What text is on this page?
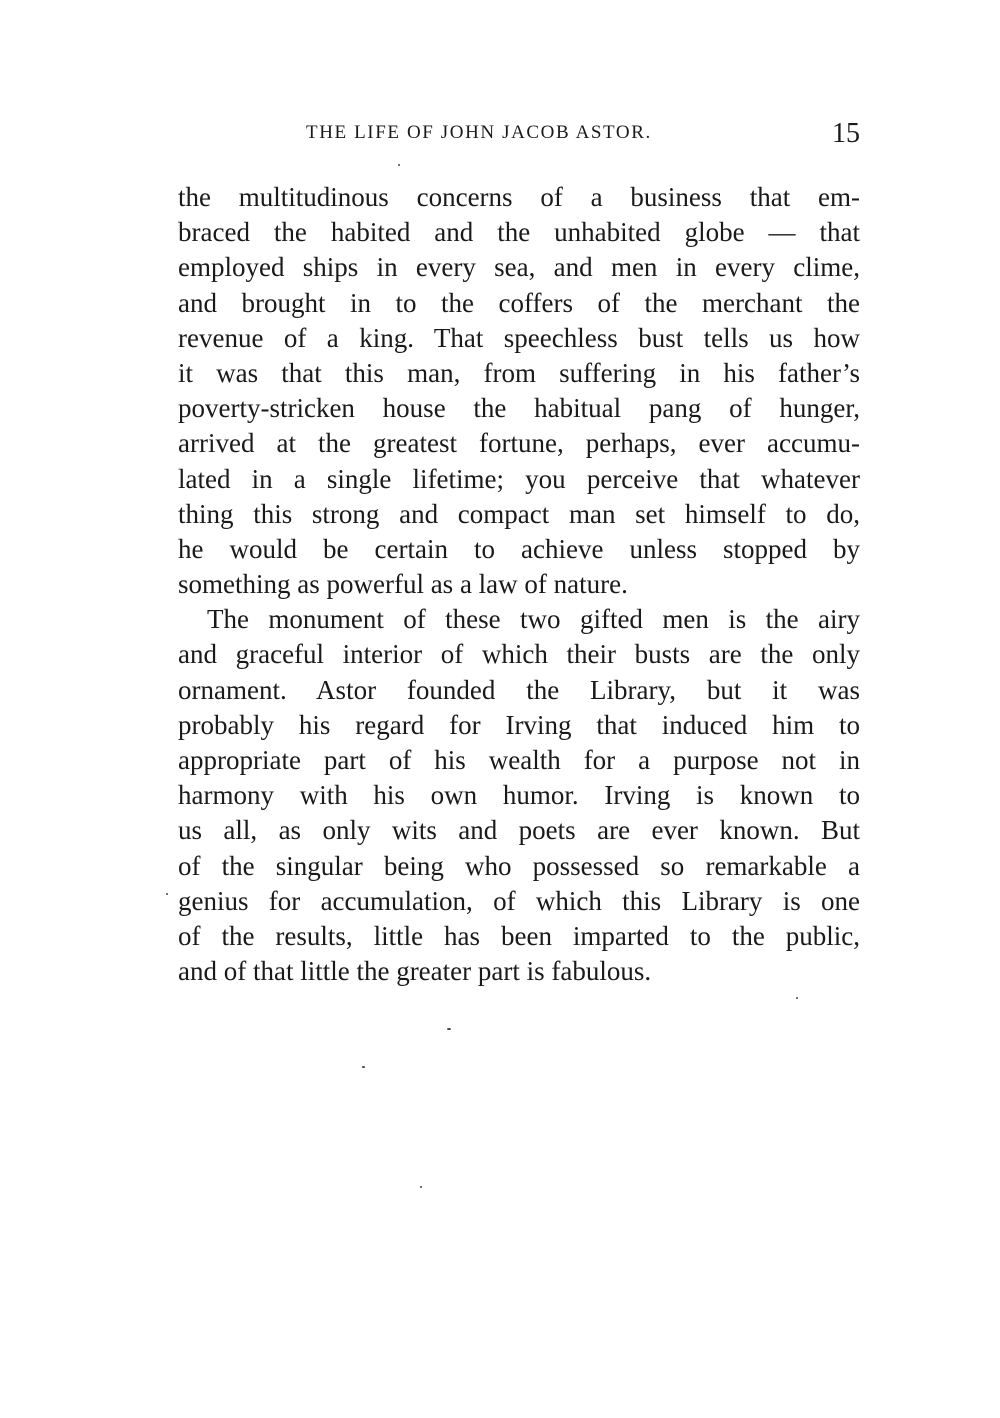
THE LIFE OF JOHN JACOB ASTOR.	15
the multitudinous concerns of a business that em-
braced the habited and the unhabited globe — that
employed ships in every sea, and men in every clime,
and brought in to the coffers of the merchant the
revenue of a king. That speechless bust tells us how
it was that this man, from suffering in his father’s
poverty-stricken house the habitual pang of hunger,
arrived at the greatest fortune, perhaps, ever accumu-
lated in a single lifetime; you perceive that whatever
thing this strong and compact man set himself to do,
he would be certain to achieve unless stopped by
something as powerful as a law of nature.
The monument of these two gifted men is the airy
and graceful interior of which their busts are the only
ornament. Astor founded the Library, but it was
probably his regard for Irving that induced him to
appropriate part of his wealth for a purpose not in
harmony with his own humor. Irving is known to
us all, as only wits and poets are ever known. But
of the singular being who possessed so remarkable a
genius for accumulation, of which this Library is one
of the results, little has been imparted to the public,
and of that little the greater part is fabulous.
